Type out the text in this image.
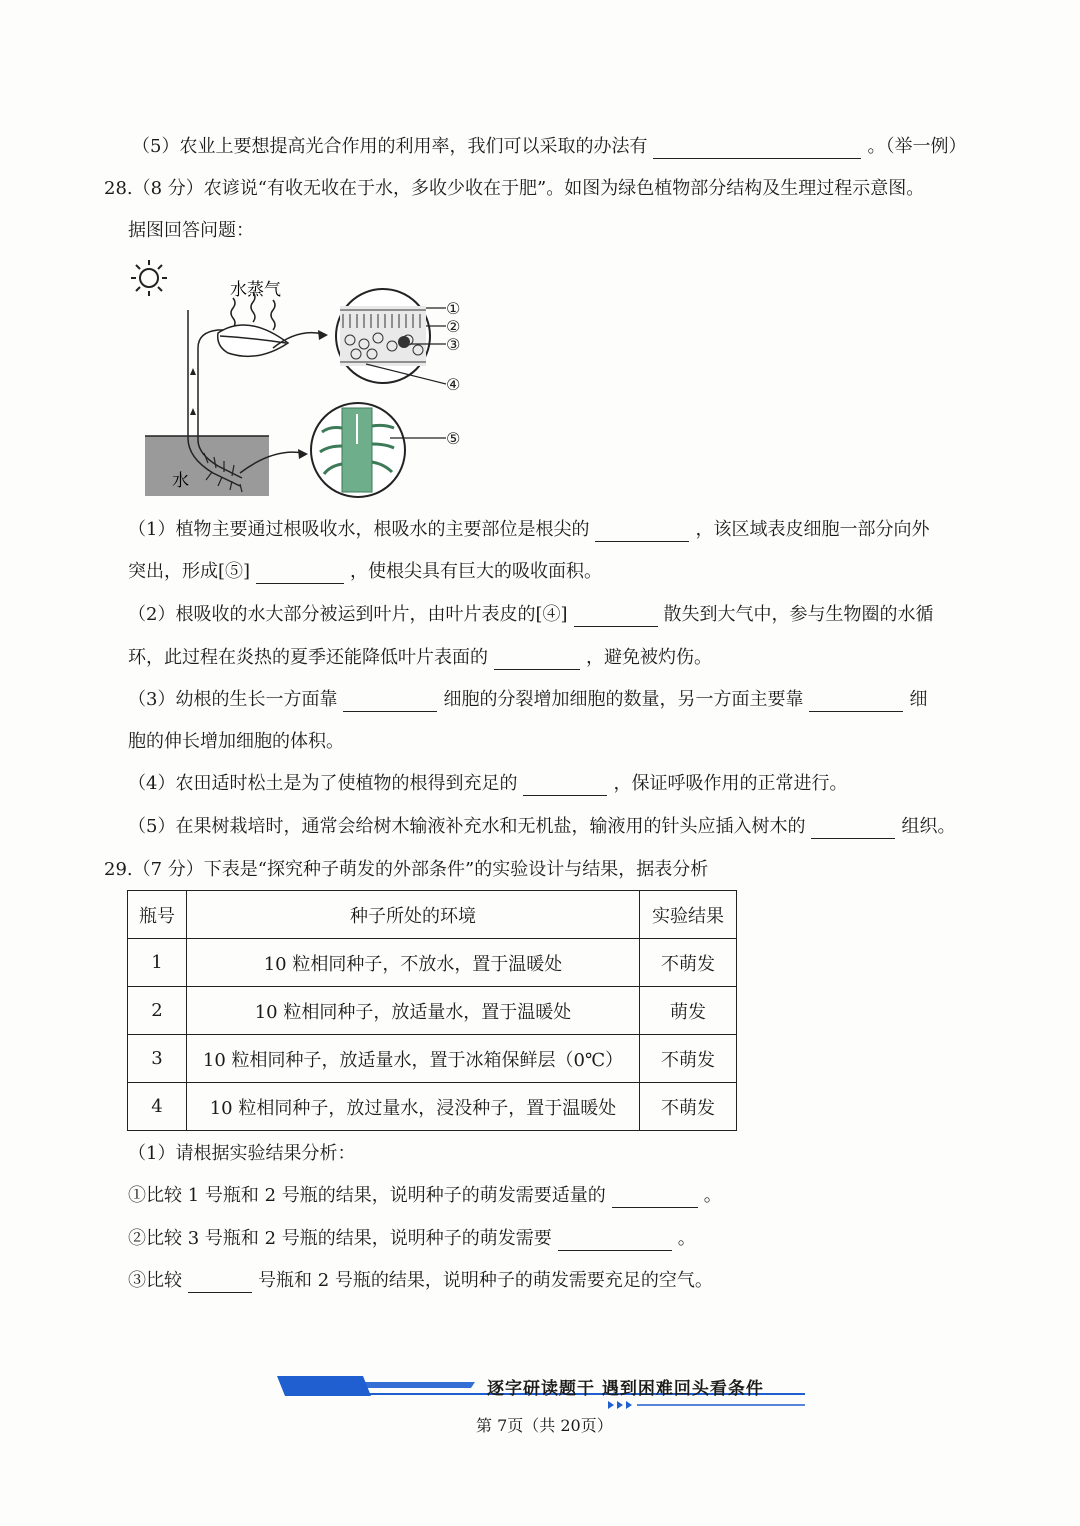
（5）农业上要想提高光合作用的利用率，我们可以采取的办法有	。（举一例）
28.（8 分）农谚说“有收无收在于水，多收少收在于肥”。如图为绿色植物部分结构及生理过程示意图。
据图回答问题：
水蒸气
水
①
②
③
④
⑤
（1）植物主要通过根吸收水，根吸水的主要部位是根尖的	，该区域表皮细胞一部分向外
突出，形成[⑤]	，使根尖具有巨大的吸收面积。
（2）根吸收的水大部分被运到叶片，由叶片表皮的[④]	散失到大气中，参与生物圈的水循
环，此过程在炎热的夏季还能降低叶片表面的	，避免被灼伤。
（3）幼根的生长一方面靠	细胞的分裂增加细胞的数量，另一方面主要靠	细
胞的伸长增加细胞的体积。
（4）农田适时松土是为了使植物的根得到充足的	，保证呼吸作用的正常进行。
（5）在果树栽培时，通常会给树木输液补充水和无机盐，输液用的针头应插入树木的	组织。
29.（7 分）下表是“探究种子萌发的外部条件”的实验设计与结果，据表分析
瓶号	种子所处的环境	实验结果
1	10 粒相同种子，不放水，置于温暖处	不萌发
2	10 粒相同种子，放适量水，置于温暖处	萌发
3	10 粒相同种子，放适量水，置于冰箱保鲜层（0℃）	不萌发
4	10 粒相同种子，放过量水，浸没种子，置于温暖处	不萌发
（1）请根据实验结果分析：
①比较 1 号瓶和 2 号瓶的结果，说明种子的萌发需要适量的	。
②比较 3 号瓶和 2 号瓶的结果，说明种子的萌发需要	。
③比较	号瓶和 2 号瓶的结果，说明种子的萌发需要充足的空气。
逐字研读题干 遇到困难回头看条件
第 7页（共 20页）
